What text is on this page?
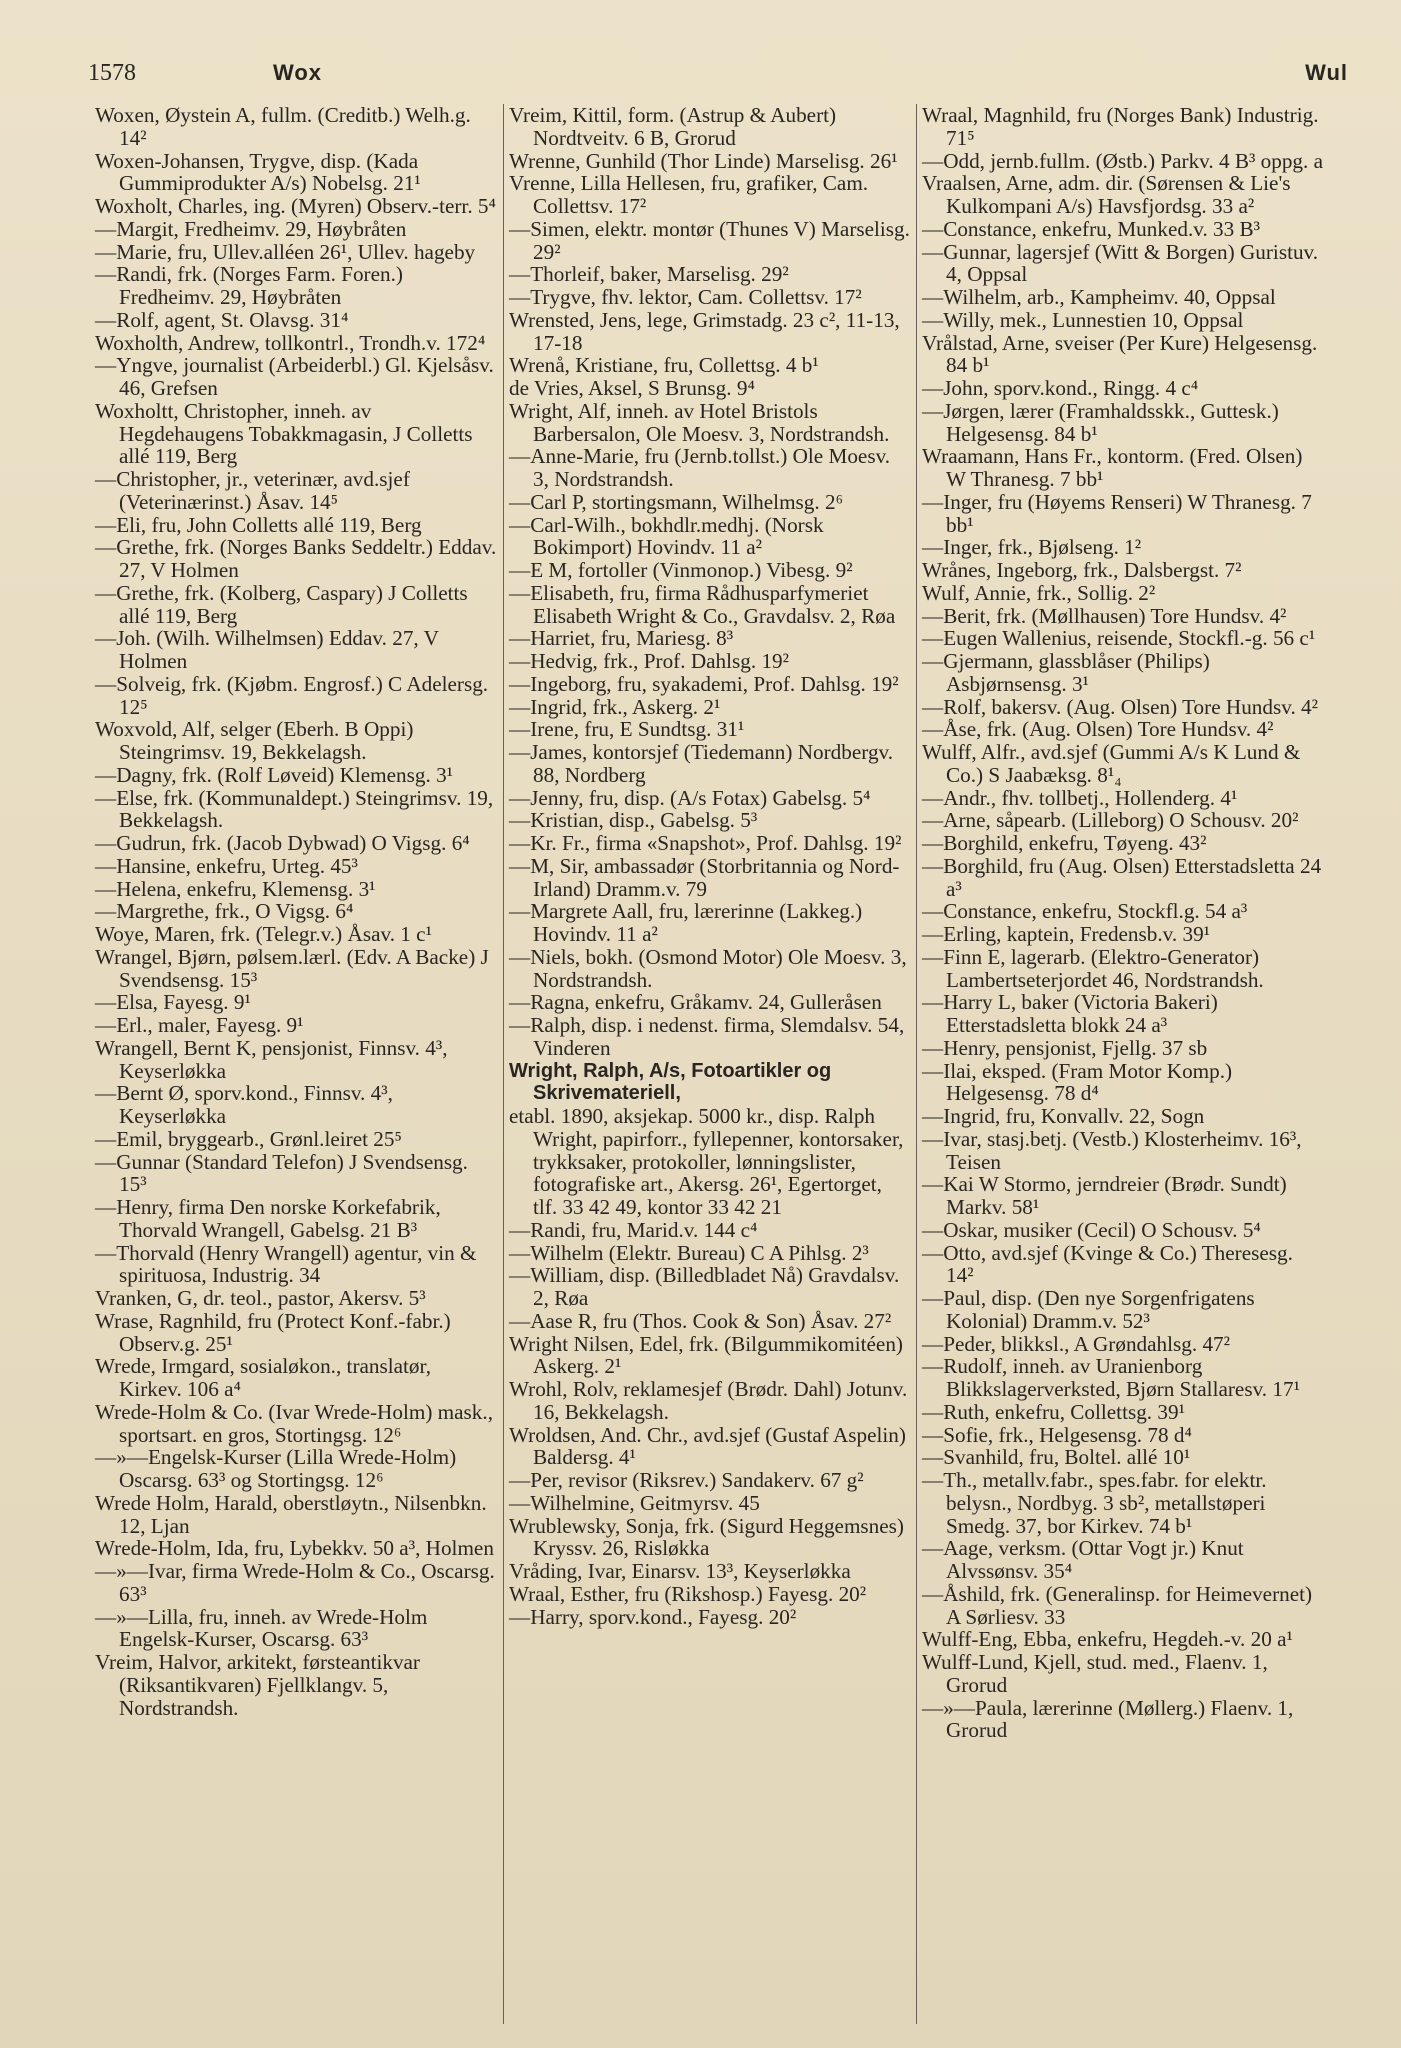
1578	Wox	Wul
Woxen, Øystein A, fullm. (Creditb.) Welh.g. 14²
Woxen-Johansen, Trygve, disp. (Kada Gummiprodukter A/s) Nobelsg. 21¹
Woxholt, Charles, ing. (Myren) Observ.-terr. 5⁴
—Margit, Fredheimv. 29, Høybråten
—Marie, fru, Ullev.alléen 26¹, Ullev. hageby
—Randi, frk. (Norges Farm. Foren.) Fredheimv. 29, Høybråten
—Rolf, agent, St. Olavsg. 31⁴
Woxholth, Andrew, tollkontrl., Trondh.v. 172⁴
—Yngve, journalist (Arbeiderbl.) Gl. Kjelsåsv. 46, Grefsen
Woxholtt, Christopher, inneh. av Hegdehaugens Tobakkmagasin, J Colletts allé 119, Berg
—Christopher, jr., veterinær, avd.sjef (Veterinærinst.) Åsav. 14⁵
—Eli, fru, John Colletts allé 119, Berg
—Grethe, frk. (Norges Banks Seddeltr.) Eddav. 27, V Holmen
—Grethe, frk. (Kolberg, Caspary) J Colletts allé 119, Berg
—Joh. (Wilh. Wilhelmsen) Eddav. 27, V Holmen
—Solveig, frk. (Kjøbm. Engrosf.) C Adelersg. 12⁵
Woxvold, Alf, selger (Eberh. B Oppi) Steingrimsv. 19, Bekkelagsh.
—Dagny, frk. (Rolf Løveid) Klemensg. 3¹
—Else, frk. (Kommunaldept.) Steingrimsv. 19, Bekkelagsh.
—Gudrun, frk. (Jacob Dybwad) O Vigsg. 6⁴
—Hansine, enkefru, Urteg. 45³
—Helena, enkefru, Klemensg. 3¹
—Margrethe, frk., O Vigsg. 6⁴
Woye, Maren, frk. (Telegr.v.) Åsav. 1 c¹
Wrangel, Bjørn, pølsem.lærl. (Edv. A Backe) J Svendsensg. 15³
—Elsa, Fayesg. 9¹
—Erl., maler, Fayesg. 9¹
Wrangell, Bernt K, pensjonist, Finnsv. 4³, Keyserløkka
—Bernt Ø, sporv.kond., Finnsv. 4³, Keyserløkka
—Emil, bryggearb., Grønl.leiret 25⁵
—Gunnar (Standard Telefon) J Svendsensg. 15³
—Henry, firma Den norske Korkefabrik, Thorvald Wrangell, Gabelsg. 21 B³
—Thorvald (Henry Wrangell) agentur, vin & spirituosa, Industrig. 34
Vranken, G, dr. teol., pastor, Akersv. 5³
Wrase, Ragnhild, fru (Protect Konf.-fabr.) Observ.g. 25¹
Wrede, Irmgard, sosialøkon., translatør, Kirkev. 106 a⁴
Wrede-Holm & Co. (Ivar Wrede-Holm) mask., sportsart. en gros, Stortingsg. 12⁶
—»—Engelsk-Kurser (Lilla Wrede-Holm) Oscarsg. 63³ og Stortingsg. 12⁶
Wrede Holm, Harald, oberstløytn., Nilsenbkn. 12, Ljan
Wrede-Holm, Ida, fru, Lybekkv. 50 a³, Holmen
—»—Ivar, firma Wrede-Holm & Co., Oscarsg. 63³
—»—Lilla, fru, inneh. av Wrede-Holm Engelsk-Kurser, Oscarsg. 63³
Vreim, Halvor, arkitekt, førsteantikvar (Riksantikvaren) Fjellklangv. 5, Nordstrandsh.
Vreim, Kittil, form. (Astrup & Aubert) Nordtveitv. 6 B, Grorud
Wrenne, Gunhild (Thor Linde) Marselisg. 26¹
Vrenne, Lilla Hellesen, fru, grafiker, Cam. Collettsv. 17²
—Simen, elektr. montør (Thunes V) Marselisg. 29²
—Thorleif, baker, Marselisg. 29²
—Trygve, fhv. lektor, Cam. Collettsv. 17²
Wrensted, Jens, lege, Grimstadg. 23 c², 11-13, 17-18
Wrenå, Kristiane, fru, Collettsg. 4 b¹
de Vries, Aksel, S Brunsg. 9⁴
Wright, Alf, inneh. av Hotel Bristols Barbersalon, Ole Moesv. 3, Nordstrandsh.
—Anne-Marie, fru (Jernb.tollst.) Ole Moesv. 3, Nordstrandsh.
—Carl P, stortingsmann, Wilhelmsg. 2⁶
—Carl-Wilh., bokhdlr.medhj. (Norsk Bokimport) Hovindv. 11 a²
—E M, fortoller (Vinmonop.) Vibesg. 9²
—Elisabeth, fru, firma Rådhusparfymeriet Elisabeth Wright & Co., Gravdalsv. 2, Røa
—Harriet, fru, Mariesg. 8³
—Hedvig, frk., Prof. Dahlsg. 19²
—Ingeborg, fru, syakademi, Prof. Dahlsg. 19²
—Ingrid, frk., Askerg. 2¹
—Irene, fru, E Sundtsg. 31¹
—James, kontorsjef (Tiedemann) Nordbergv. 88, Nordberg
—Jenny, fru, disp. (A/s Fotax) Gabelsg. 5⁴
—Kristian, disp., Gabelsg. 5³
—Kr. Fr., firma «Snapshot», Prof. Dahlsg. 19²
—M, Sir, ambassadør (Storbritannia og Nord-Irland) Dramm.v. 79
—Margrete Aall, fru, lærerinne (Lakkeg.) Hovindv. 11 a²
—Niels, bokh. (Osmond Motor) Ole Moesv. 3, Nordstrandsh.
—Ragna, enkefru, Gråkamv. 24, Gulleråsen
—Ralph, disp. i nedenst. firma, Slemdalsv. 54, Vinderen
Wright, Ralph, A/s, Fotoartikler og Skrivemateriell,
etabl. 1890, aksjekap. 5000 kr., disp. Ralph Wright, papirforr., fyllepenner, kontorsaker, trykksaker, protokoller, lønningslister, fotografiske art., Akersg. 26¹, Egertorget, tlf. 33 42 49, kontor 33 42 21
—Randi, fru, Marid.v. 144 c⁴
—Wilhelm (Elektr. Bureau) C A Pihlsg. 2³
—William, disp. (Billedbladet Nå) Gravdalsv. 2, Røa
—Aase R, fru (Thos. Cook & Son) Åsav. 27²
Wright Nilsen, Edel, frk. (Bilgummikomitéen) Askerg. 2¹
Wrohl, Rolv, reklamesjef (Brødr. Dahl) Jotunv. 16, Bekkelagsh.
Wroldsen, And. Chr., avd.sjef (Gustaf Aspelin) Baldersg. 4¹
—Per, revisor (Riksrev.) Sandakerv. 67 g²
—Wilhelmine, Geitmyrsv. 45
Wrublewsky, Sonja, frk. (Sigurd Heggemsnes) Kryssv. 26, Risløkka
Vråding, Ivar, Einarsv. 13³, Keyserløkka
Wraal, Esther, fru (Rikshosp.) Fayesg. 20²
—Harry, sporv.kond., Fayesg. 20²
Wraal, Magnhild, fru (Norges Bank) Industrig. 71⁵
—Odd, jernb.fullm. (Østb.) Parkv. 4 B³ oppg. a
Vraalsen, Arne, adm. dir. (Sørensen & Lie's Kulkompani A/s) Havsfjordsg. 33 a²
—Constance, enkefru, Munked.v. 33 B³
—Gunnar, lagersjef (Witt & Borgen) Guristuv. 4, Oppsal
—Wilhelm, arb., Kampheimv. 40, Oppsal
—Willy, mek., Lunnestien 10, Oppsal
Vrålstad, Arne, sveiser (Per Kure) Helgesensg. 84 b¹
—John, sporv.kond., Ringg. 4 c⁴
—Jørgen, lærer (Framhaldsskk., Guttesk.) Helgesensg. 84 b¹
Wraamann, Hans Fr., kontorm. (Fred. Olsen) W Thranesg. 7 bb¹
—Inger, fru (Høyems Renseri) W Thranesg. 7 bb¹
—Inger, frk., Bjølseng. 1²
Wrånes, Ingeborg, frk., Dalsbergst. 7²
Wulf, Annie, frk., Sollig. 2²
—Berit, frk. (Møllhausen) Tore Hundsv. 4²
—Eugen Wallenius, reisende, Stockfl.-g. 56 c¹
—Gjermann, glassblåser (Philips) Asbjørnsensg. 3¹
—Rolf, bakersv. (Aug. Olsen) Tore Hundsv. 4²
—Åse, frk. (Aug. Olsen) Tore Hundsv. 4²
Wulff, Alfr., avd.sjef (Gummi A/s K Lund & Co.) S Jaabæksg. 8¹₄
—Andr., fhv. tollbetj., Hollenderg. 4¹
—Arne, såpearb. (Lilleborg) O Schousv. 20²
—Borghild, enkefru, Tøyeng. 43²
—Borghild, fru (Aug. Olsen) Etterstadsletta 24 a³
—Constance, enkefru, Stockfl.g. 54 a³
—Erling, kaptein, Fredensb.v. 39¹
—Finn E, lagerarb. (Elektro-Generator) Lambertseterjordet 46, Nordstrandsh.
—Harry L, baker (Victoria Bakeri) Etterstadsletta blokk 24 a³
—Henry, pensjonist, Fjellg. 37 sb
—Ilai, eksped. (Fram Motor Komp.) Helgesensg. 78 d⁴
—Ingrid, fru, Konvallv. 22, Sogn
—Ivar, stasj.betj. (Vestb.) Klosterheimv. 16³, Teisen
—Kai W Stormo, jerndreier (Brødr. Sundt) Markv. 58¹
—Oskar, musiker (Cecil) O Schousv. 5⁴
—Otto, avd.sjef (Kvinge & Co.) Theresesg. 14²
—Paul, disp. (Den nye Sorgenfrigatens Kolonial) Dramm.v. 52³
—Peder, blikksl., A Grøndahlsg. 47²
—Rudolf, inneh. av Uranienborg Blikkslagerverksted, Bjørn Stallaresv. 17¹
—Ruth, enkefru, Collettsg. 39¹
—Sofie, frk., Helgesensg. 78 d⁴
—Svanhild, fru, Boltel. allé 10¹
—Th., metallv.fabr., spes.fabr. for elektr. belysn., Nordbyg. 3 sb², metallstøperi Smedg. 37, bor Kirkev. 74 b¹
—Aage, verksm. (Ottar Vogt jr.) Knut Alvssønsv. 35⁴
—Åshild, frk. (Generalinsp. for Heimevernet) A Sørliesv. 33
Wulff-Eng, Ebba, enkefru, Hegdeh.-v. 20 a¹
Wulff-Lund, Kjell, stud. med., Flaenv. 1, Grorud
—»—Paula, lærerinne (Møllerg.) Flaenv. 1, Grorud
